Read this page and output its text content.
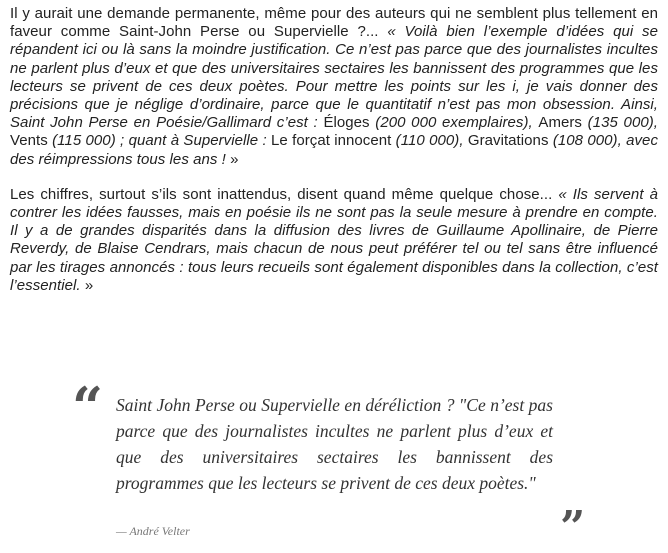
Il y aurait une demande permanente, même pour des auteurs qui ne semblent plus tellement en faveur comme Saint-John Perse ou Supervielle ?... « Voilà bien l’exemple d’idées qui se répandent ici ou là sans la moindre justification. Ce n’est pas parce que des journalistes incultes ne parlent plus d’eux et que des universitaires sectaires les bannissent des programmes que les lecteurs se privent de ces deux poètes. Pour mettre les points sur les i, je vais donner des précisions que je néglige d’ordinaire, parce que le quantitatif n’est pas mon obsession. Ainsi, Saint John Perse en Poésie/Gallimard c’est : Éloges (200 000 exemplaires), Amers (135 000), Vents (115 000) ; quant à Supervielle : Le forçat innocent (110 000), Gravitations (108 000), avec des réimpressions tous les ans ! »

Les chiffres, surtout s’ils sont inattendus, disent quand même quelque chose... « Ils servent à contrer les idées fausses, mais en poésie ils ne sont pas la seule mesure à prendre en compte. Il y a de grandes disparités dans la diffusion des livres de Guillaume Apollinaire, de Pierre Reverdy, de Blaise Cendrars, mais chacun de nous peut préférer tel ou tel sans être influencé par les tirages annoncés : tous leurs recueils sont également disponibles dans la collection, c’est l’essentiel. »

“ Saint John Perse ou Supervielle en déréliction ? "Ce n’est pas parce que des journalistes incultes ne parlent plus d’eux et que des universitaires sectaires les bannissent des programmes que les lecteurs se privent de ces deux poètes."

— André Velter	”
